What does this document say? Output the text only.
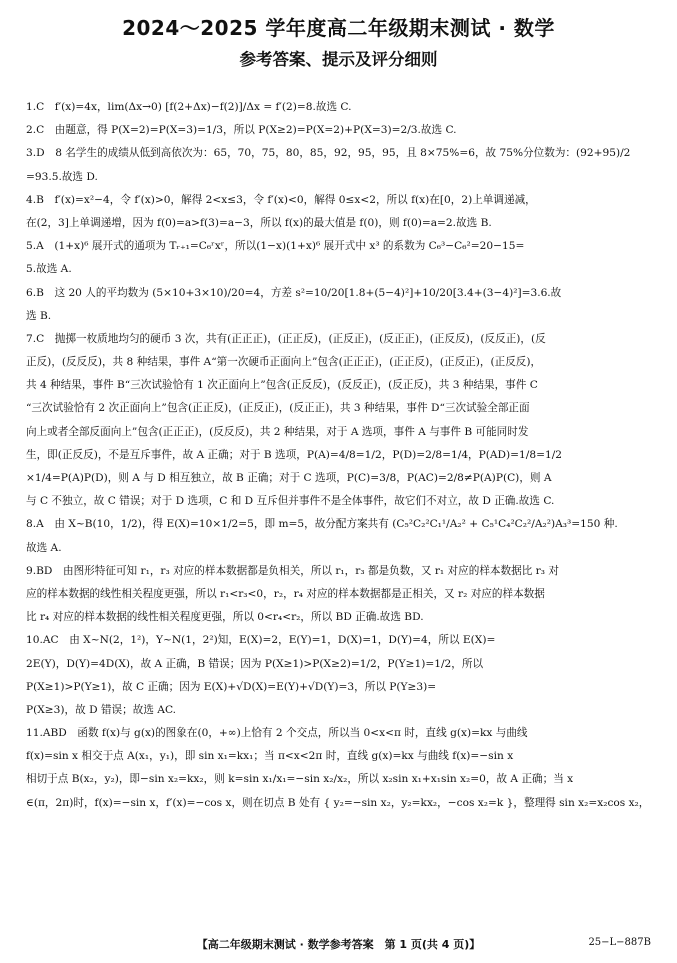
2024～2025 学年度高二年级期末测试 · 数学
参考答案、提示及评分细则
1.C　f′(x)=4x，lim(Δx→0) [f(2+Δx)−f(2)]/Δx = f′(2)=8.故选 C.
2.C　由题意，得 P(X=2)=P(X=3)=1/3，所以 P(X≥2)=P(X=2)+P(X=3)=2/3.故选 C.
3.D　8 名学生的成绩从低到高依次为：65，70，75，80，85，92，95，95，且 8×75%=6，故 75%分位数为：(92+95)/2
=93.5.故选 D.
4.B　f′(x)=x²−4，令 f′(x)>0，解得 2<x≤3，令 f′(x)<0，解得 0≤x<2，所以 f(x)在[0，2)上单调递减，
在(2，3]上单调递增，因为 f(0)=a>f(3)=a−3，所以 f(x)的最大值是 f(0)，则 f(0)=a=2.故选 B.
5.A　(1+x)⁶ 展开式的通项为 Tᵣ₊₁=C₆ʳxʳ，所以(1−x)(1+x)⁶ 展开式中 x³ 的系数为 C₆³−C₆²=20−15=
5.故选 A.
6.B　这 20 人的平均数为 (5×10+3×10)/20=4，方差 s²=10/20[1.8+(5−4)²]+10/20[3.4+(3−4)²]=3.6.故
选 B.
7.C　抛掷一枚质地均匀的硬币 3 次，共有(正正正)，(正正反)，(正反正)，(反正正)，(正反反)，(反反正)，(反
正反)，(反反反)，共 8 种结果，事件 A“第一次硬币正面向上”包含(正正正)，(正正反)，(正反正)，(正反反)，
共 4 种结果，事件 B“三次试验恰有 1 次正面向上”包含(正反反)，(反反正)，(反正反)，共 3 种结果，事件 C
“三次试验恰有 2 次正面向上”包含(正正反)，(正反正)，(反正正)，共 3 种结果，事件 D“三次试验全部正面
向上或者全部反面向上”包含(正正正)，(反反反)，共 2 种结果，对于 A 选项，事件 A 与事件 B 可能同时发
生，即(正反反)，不是互斥事件，故 A 正确；对于 B 选项，P(A)=4/8=1/2，P(D)=2/8=1/4，P(AD)=1/8=1/2
×1/4=P(A)P(D)，则 A 与 D 相互独立，故 B 正确；对于 C 选项，P(C)=3/8，P(AC)=2/8≠P(A)P(C)，则 A
与 C 不独立，故 C 错误；对于 D 选项，C 和 D 互斥但并事件不是全体事件，故它们不对立，故 D 正确.故选 C.
8.A　由 X~B(10，1/2)，得 E(X)=10×1/2=5，即 m=5，故分配方案共有 (C₅²C₂²C₁¹/A₂² + C₅¹C₄²C₂²/A₂²)A₃³=150 种.
故选 A.
9.BD　由图形特征可知 r₁，r₃ 对应的样本数据都是负相关，所以 r₁，r₃ 都是负数，又 r₁ 对应的样本数据比 r₃ 对
应的样本数据的线性相关程度更强，所以 r₁<r₃<0，r₂，r₄ 对应的样本数据都是正相关，又 r₂ 对应的样本数据
比 r₄ 对应的样本数据的线性相关程度更强，所以 0<r₄<r₂，所以 BD 正确.故选 BD.
10.AC　由 X~N(2，1²)，Y~N(1，2²)知，E(X)=2，E(Y)=1，D(X)=1，D(Y)=4，所以 E(X)=
2E(Y)，D(Y)=4D(X)，故 A 正确，B 错误；因为 P(X≥1)>P(X≥2)=1/2，P(Y≥1)=1/2，所以
P(X≥1)>P(Y≥1)，故 C 正确；因为 E(X)+√D(X)=E(Y)+√D(Y)=3，所以 P(Y≥3)=
P(X≥3)，故 D 错误；故选 AC.
11.ABD　函数 f(x)与 g(x)的图象在(0，+∞)上恰有 2 个交点，所以当 0<x<π 时，直线 g(x)=kx 与曲线
f(x)=sin x 相交于点 A(x₁，y₁)，即 sin x₁=kx₁；当 π<x<2π 时，直线 g(x)=kx 与曲线 f(x)=−sin x
相切于点 B(x₂，y₂)，即−sin x₂=kx₂，则 k=sin x₁/x₁=−sin x₂/x₂，所以 x₂sin x₁+x₁sin x₂=0，故 A 正确；当 x
∈(π，2π)时，f(x)=−sin x，f′(x)=−cos x，则在切点 B 处有 { y₂=−sin x₂，y₂=kx₂，−cos x₂=k }，整理得 sin x₂=x₂cos x₂，
【高二年级期末测试 · 数学参考答案　第 1 页(共 4 页)】	25−L−887B
